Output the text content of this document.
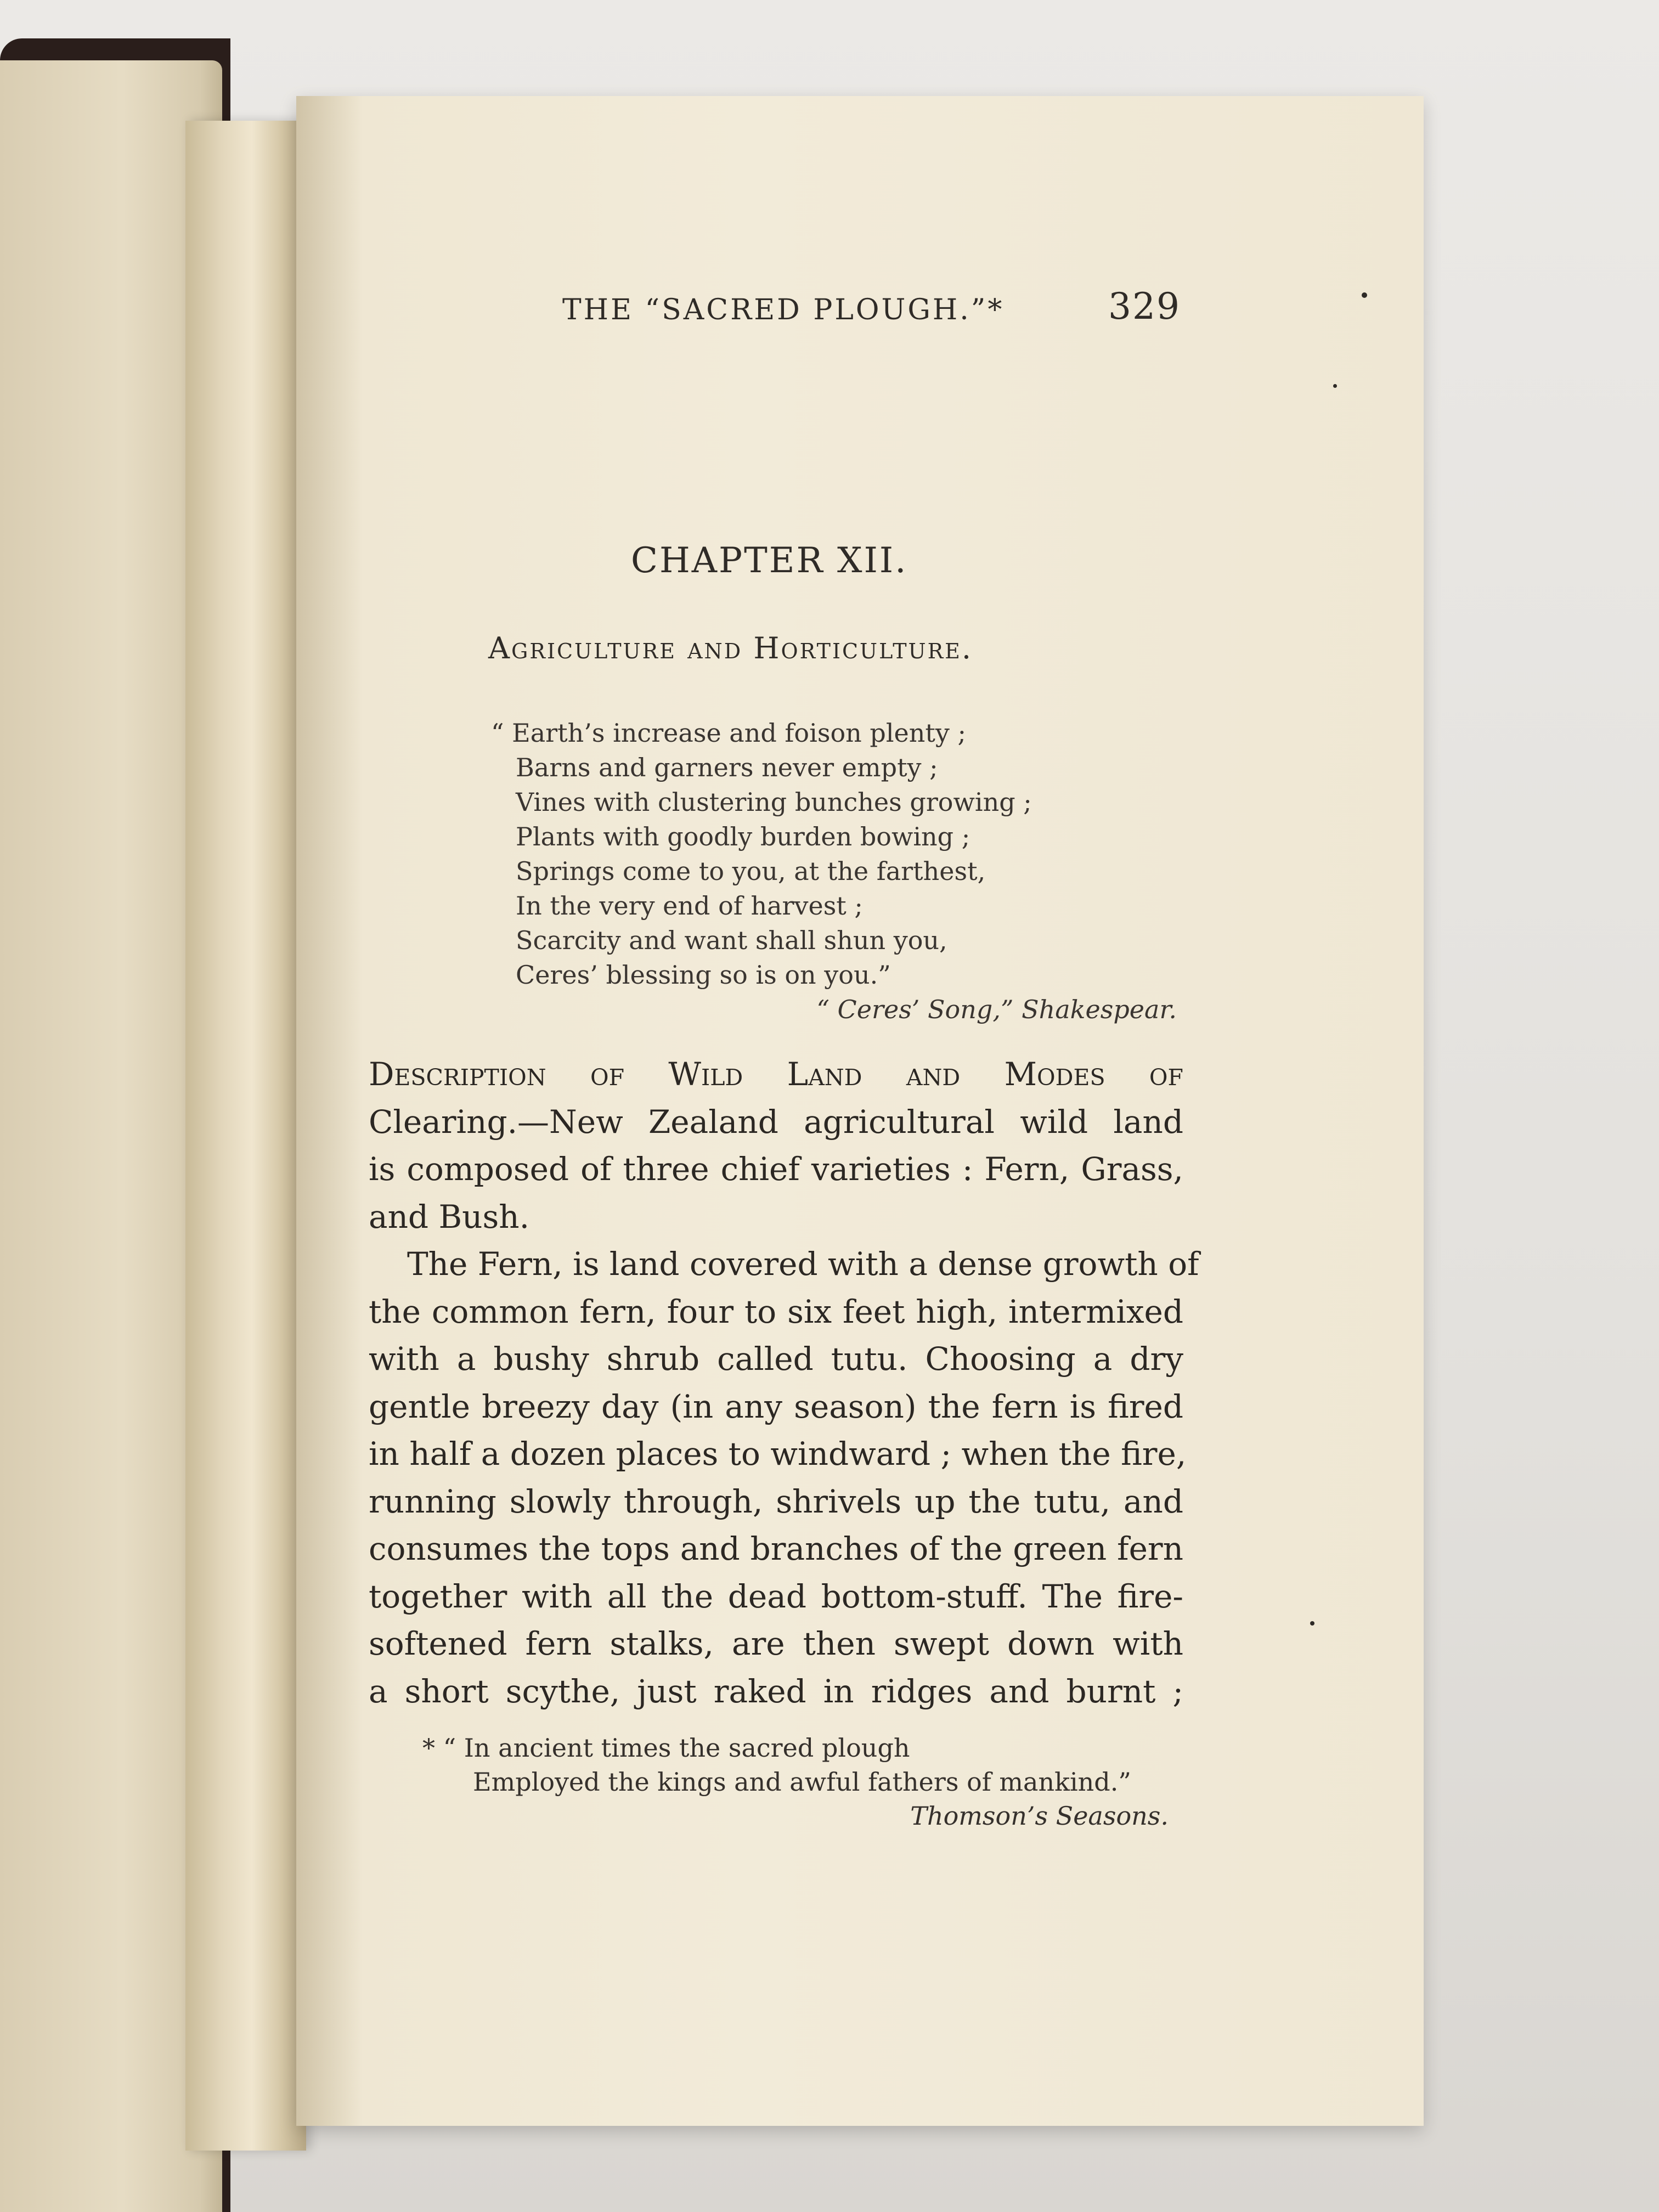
THE “SACRED PLOUGH.”*	329
CHAPTER XII.
Agriculture and Horticulture.
“ Earth’s increase and foison plenty ;
Barns and garners never empty ;
Vines with clustering bunches growing ;
Plants with goodly burden bowing ;
Springs come to you, at the farthest,
In the very end of harvest ;
Scarcity and want shall shun you,
Ceres’ blessing so is on you.”
“ Ceres’ Song,” Shakespear.
Description of Wild Land and Modes of
Clearing.—New Zealand agricultural wild land
is composed of three chief varieties : Fern, Grass,
and Bush.
The Fern, is land covered with a dense growth of
the common fern, four to six feet high, intermixed
with a bushy shrub called tutu. Choosing a dry
gentle breezy day (in any season) the fern is fired
in half a dozen places to windward ; when the fire,
running slowly through, shrivels up the tutu, and
consumes the tops and branches of the green fern
together with all the dead bottom-stuff. The fire-
softened fern stalks, are then swept down with
a short scythe, just raked in ridges and burnt ;
* “ In ancient times the sacred plough
Employed the kings and awful fathers of mankind.”
Thomson’s Seasons.
